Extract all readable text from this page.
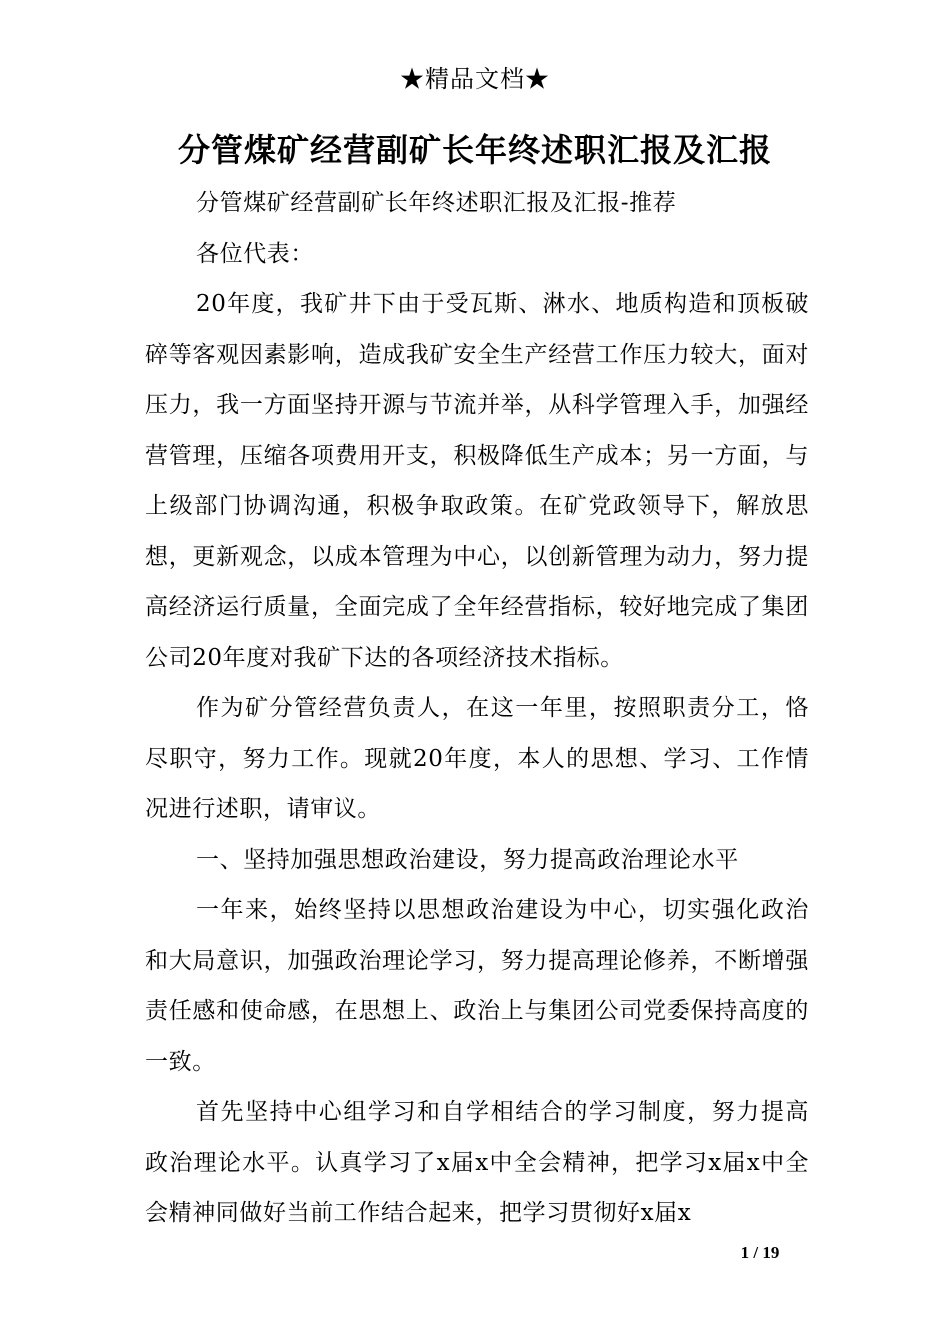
★精品文档★
分管煤矿经营副矿长年终述职汇报及汇报

分管煤矿经营副矿长年终述职汇报及汇报-推荐

各位代表：

20年度，我矿井下由于受瓦斯、淋水、地质构造和顶板破碎等客观因素影响，造成我矿安全生产经营工作压力较大，面对压力，我一方面坚持开源与节流并举，从科学管理入手，加强经营管理，压缩各项费用开支，积极降低生产成本；另一方面，与上级部门协调沟通，积极争取政策。在矿党政领导下，解放思想，更新观念，以成本管理为中心，以创新管理为动力，努力提高经济运行质量，全面完成了全年经营指标，较好地完成了集团公司20年度对我矿下达的各项经济技术指标。

作为矿分管经营负责人，在这一年里，按照职责分工，恪尽职守，努力工作。现就20年度，本人的思想、学习、工作情况进行述职，请审议。

一、坚持加强思想政治建设，努力提高政治理论水平

一年来，始终坚持以思想政治建设为中心，切实强化政治和大局意识，加强政治理论学习，努力提高理论修养，不断增强责任感和使命感，在思想上、政治上与集团公司党委保持高度的一致。

首先坚持中心组学习和自学相结合的学习制度，努力提高政治理论水平。认真学习了x届x中全会精神，把学习x届x中全会精神同做好当前工作结合起来，把学习贯彻好x届x

1 / 19
